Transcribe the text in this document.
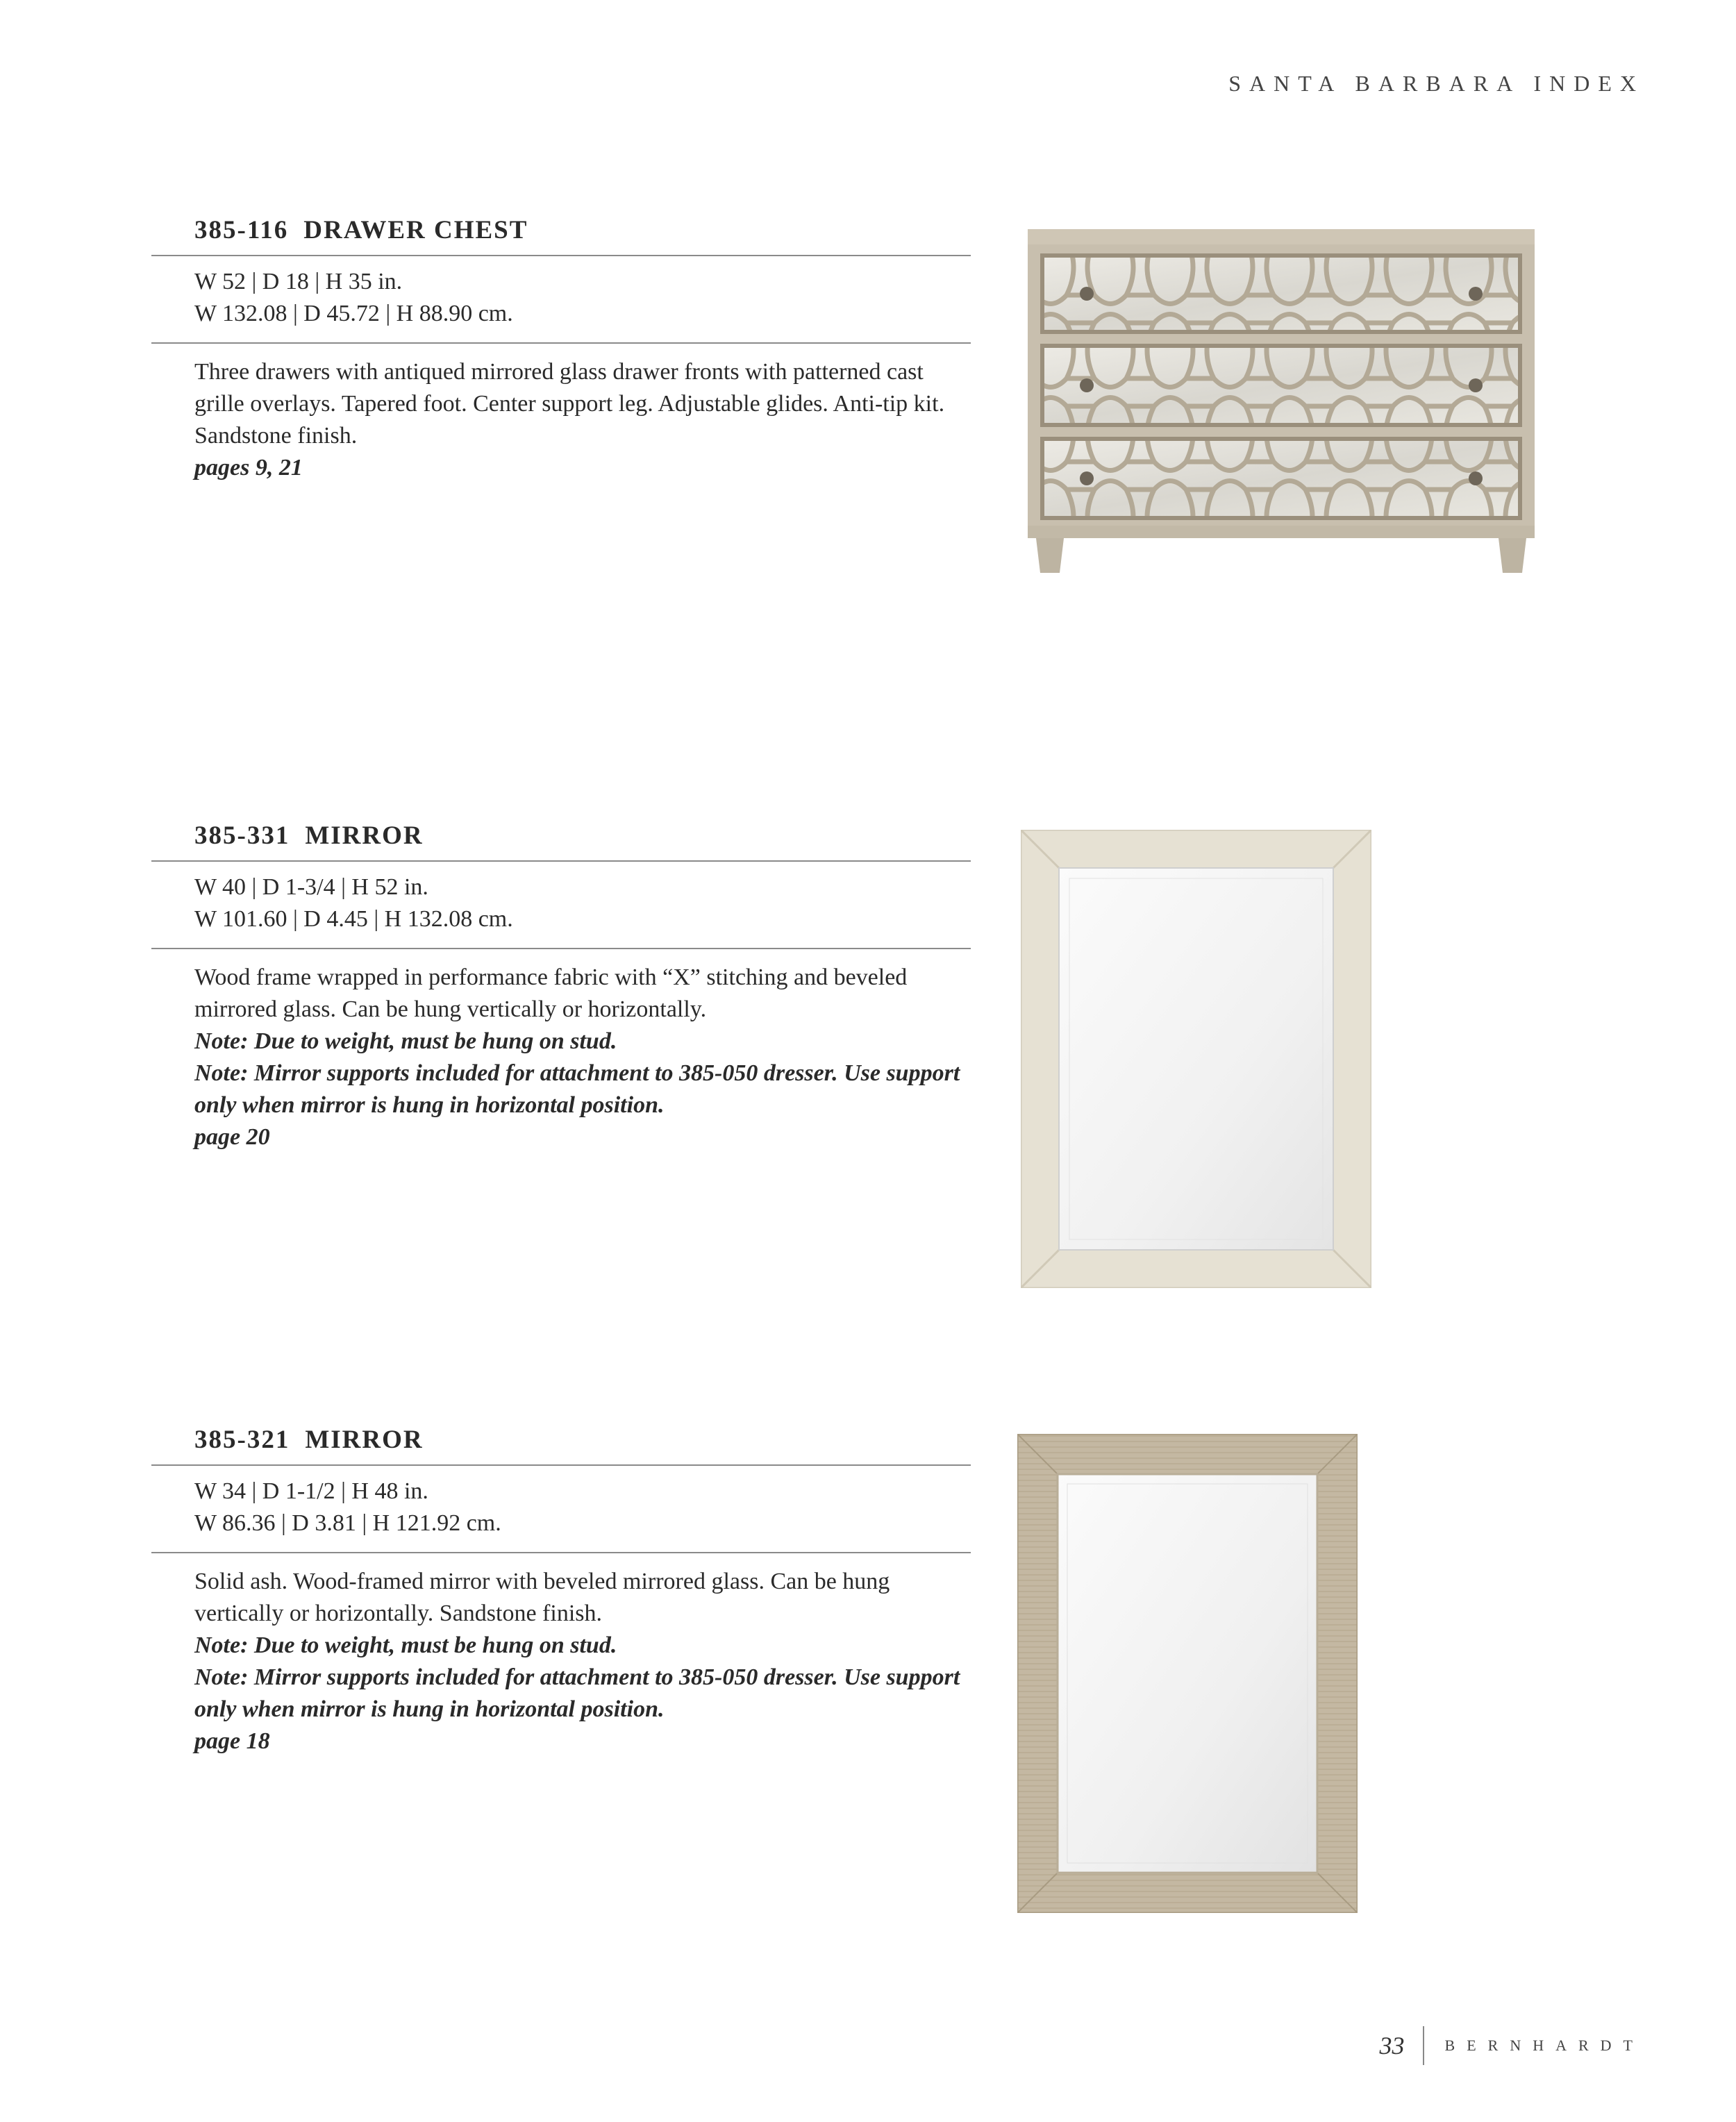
SANTA BARBARA INDEX
385-116 DRAWER CHEST
W 52 | D 18 | H 35 in.
W 132.08 | D 45.72 | H 88.90 cm.
Three drawers with antiqued mirrored glass drawer fronts with patterned cast grille overlays. Tapered foot. Center support leg. Adjustable glides. Anti-tip kit. Sandstone finish.
pages 9, 21
385-331 MIRROR
W 40 | D 1-3/4 | H 52 in.
W 101.60 | D 4.45 | H 132.08 cm.
Wood frame wrapped in performance fabric with “X” stitching and beveled mirrored glass. Can be hung vertically or horizontally.
Note: Due to weight, must be hung on stud.
Note: Mirror supports included for attachment to 385-050 dresser. Use support only when mirror is hung in horizontal position.
page 20
385-321 MIRROR
W 34 | D 1-1/2 | H 48 in.
W 86.36 | D 3.81 | H 121.92 cm.
Solid ash. Wood-framed mirror with beveled mirrored glass. Can be hung vertically or horizontally. Sandstone finish.
Note: Due to weight, must be hung on stud.
Note: Mirror supports included for attachment to 385-050 dresser. Use support only when mirror is hung in horizontal position.
page 18
33	BERNHARDT
